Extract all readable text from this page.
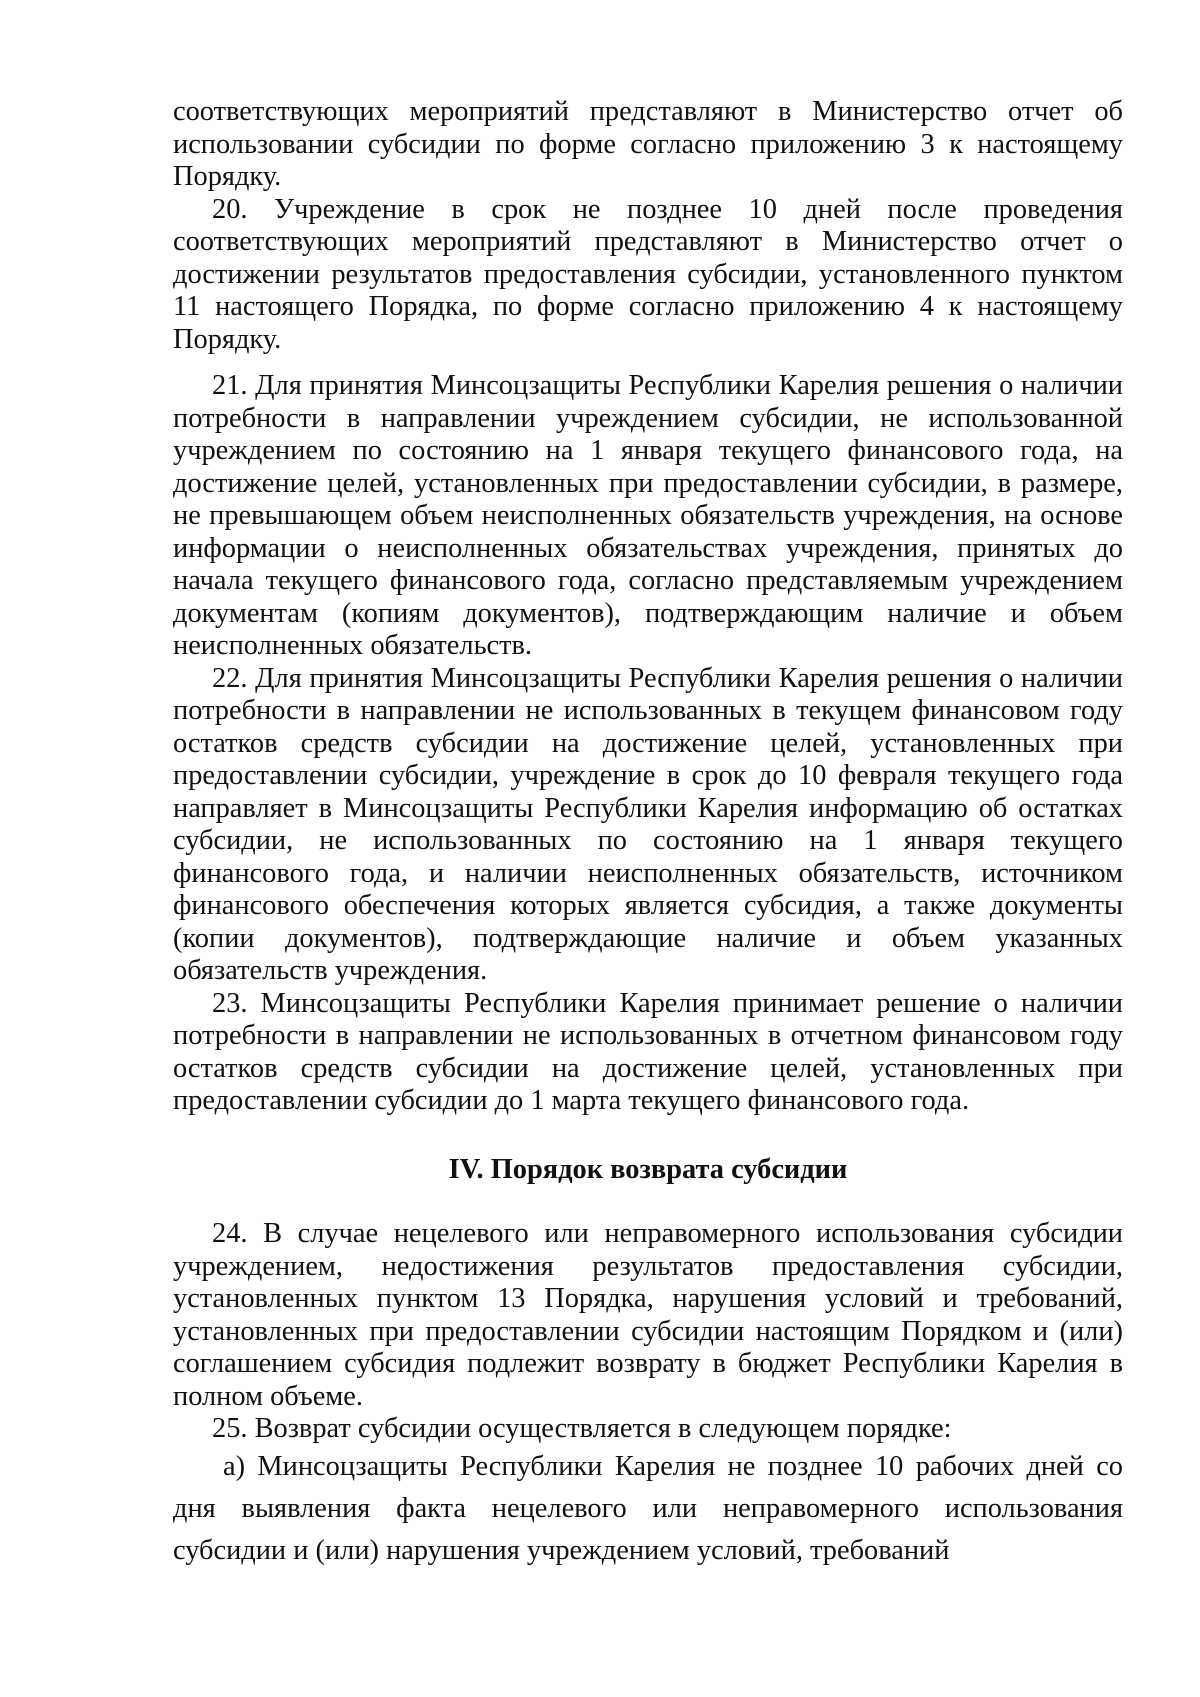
соответствующих мероприятий представляют в Министерство отчет об использовании субсидии по форме согласно приложению 3 к настоящему Порядку.

20. Учреждение в срок не позднее 10 дней после проведения соответствующих мероприятий представляют в Министерство отчет о достижении результатов предоставления субсидии, установленного пунктом 11 настоящего Порядка, по форме согласно приложению 4 к настоящему Порядку.

21. Для принятия Минсоцзащиты Республики Карелия решения о наличии потребности в направлении учреждением субсидии, не использованной учреждением по состоянию на 1 января текущего финансового года, на достижение целей, установленных при предоставлении субсидии, в размере, не превышающем объем неисполненных обязательств учреждения, на основе информации о неисполненных обязательствах учреждения, принятых до начала текущего финансового года, согласно представляемым учреждением документам (копиям документов), подтверждающим наличие и объем неисполненных обязательств.

22. Для принятия Минсоцзащиты Республики Карелия решения о наличии потребности в направлении не использованных в текущем финансовом году остатков средств субсидии на достижение целей, установленных при предоставлении субсидии, учреждение в срок до 10 февраля текущего года направляет в Минсоцзащиты Республики Карелия информацию об остатках субсидии, не использованных по состоянию на 1 января текущего финансового года, и наличии неисполненных обязательств, источником финансового обеспечения которых является субсидия, а также документы (копии документов), подтверждающие наличие и объем указанных обязательств учреждения.

23. Минсоцзащиты Республики Карелия принимает решение о наличии потребности в направлении не использованных в отчетном финансовом году остатков средств субсидии на достижение целей, установленных при предоставлении субсидии до 1 марта текущего финансового года.

IV. Порядок возврата субсидии

24. В случае нецелевого или неправомерного использования субсидии учреждением, недостижения результатов предоставления субсидии, установленных пунктом 13 Порядка, нарушения условий и требований, установленных при предоставлении субсидии настоящим Порядком и (или) соглашением субсидия подлежит возврату в бюджет Республики Карелия в полном объеме.

25. Возврат субсидии осуществляется в следующем порядке:

а) Минсоцзащиты Республики Карелия не позднее 10 рабочих дней со дня выявления факта нецелевого или неправомерного использования субсидии и (или) нарушения учреждением условий, требований
